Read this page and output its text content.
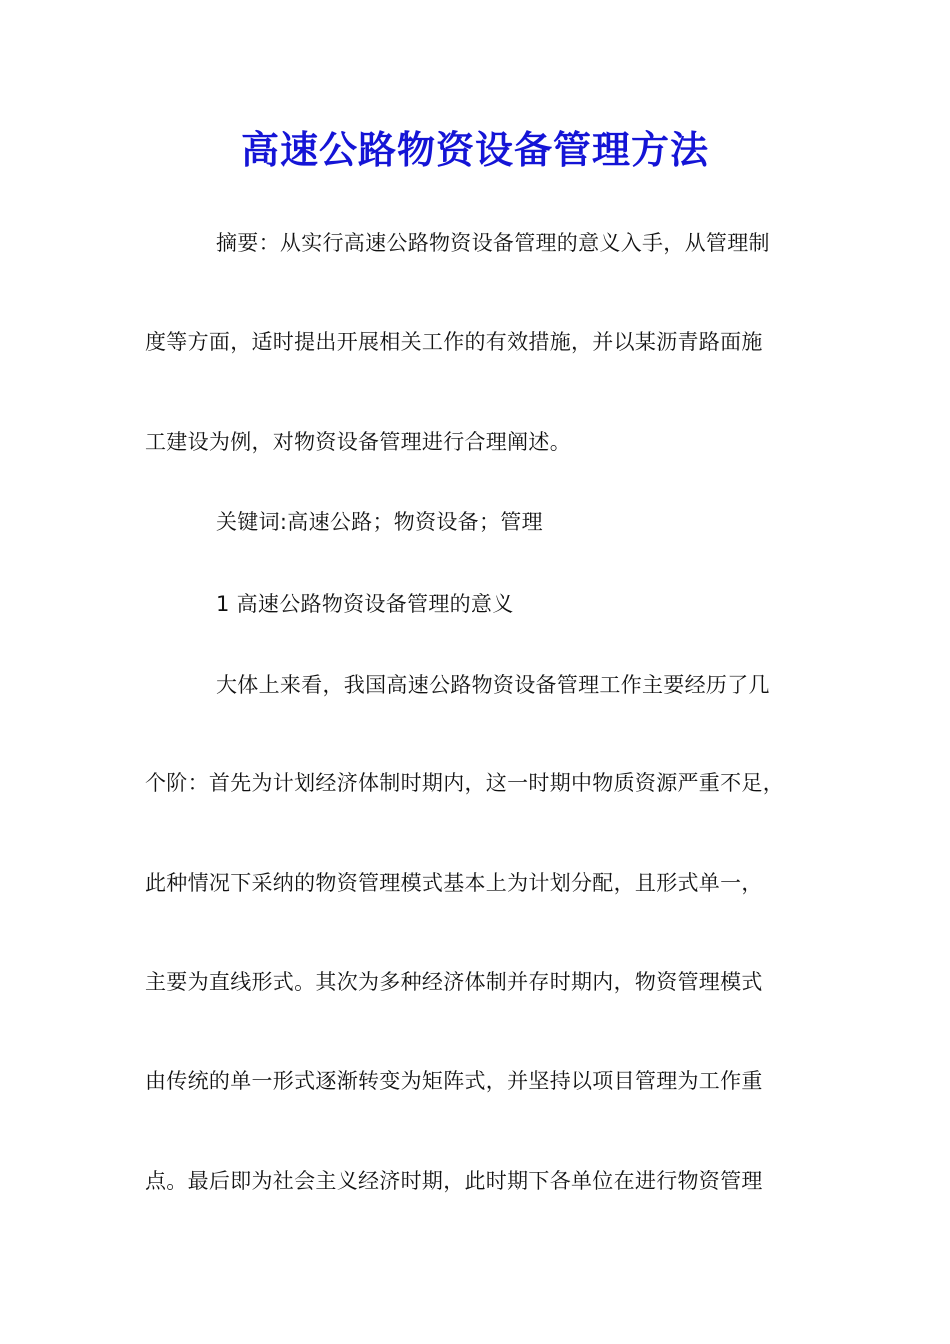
高速公路物资设备管理方法
摘要：从实行高速公路物资设备管理的意义入手，从管理制
度等方面，适时提出开展相关工作的有效措施，并以某沥青路面施
工建设为例，对物资设备管理进行合理阐述。
关键词:高速公路；物资设备；管理
1 高速公路物资设备管理的意义
大体上来看，我国高速公路物资设备管理工作主要经历了几
个阶：首先为计划经济体制时期内，这一时期中物质资源严重不足，
此种情况下采纳的物资管理模式基本上为计划分配，且形式单一，
主要为直线形式。其次为多种经济体制并存时期内，物资管理模式
由传统的单一形式逐渐转变为矩阵式，并坚持以项目管理为工作重
点。最后即为社会主义经济时期，此时期下各单位在进行物资管理
